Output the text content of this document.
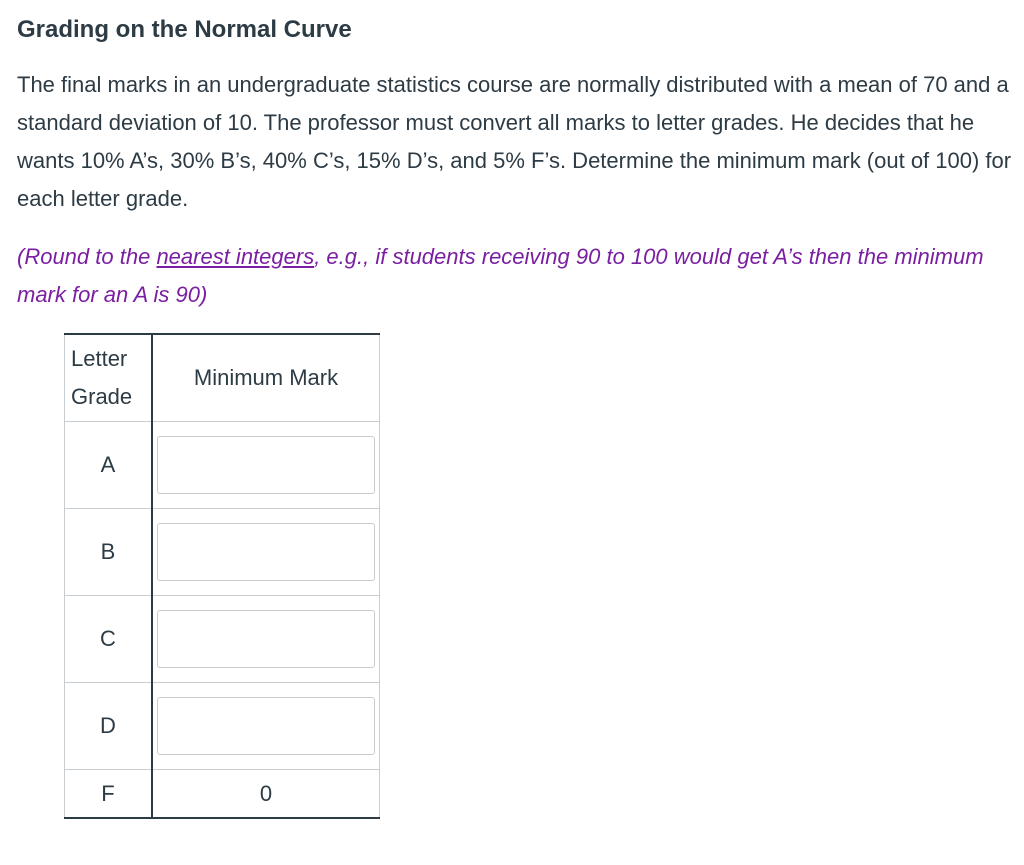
Grading on the Normal Curve

The final marks in an undergraduate statistics course are normally distributed with a mean of 70 and a standard deviation of 10. The professor must convert all marks to letter grades. He decides that he wants 10% A’s, 30% B’s, 40% C’s, 15% D’s, and 5% F’s. Determine the minimum mark (out of 100) for each letter grade.

(Round to the nearest integers, e.g., if students receiving 90 to 100 would get A’s then the minimum mark for an A is 90)

Letter
Grade	Minimum Mark
A	

B	

C	

D	

F	0
